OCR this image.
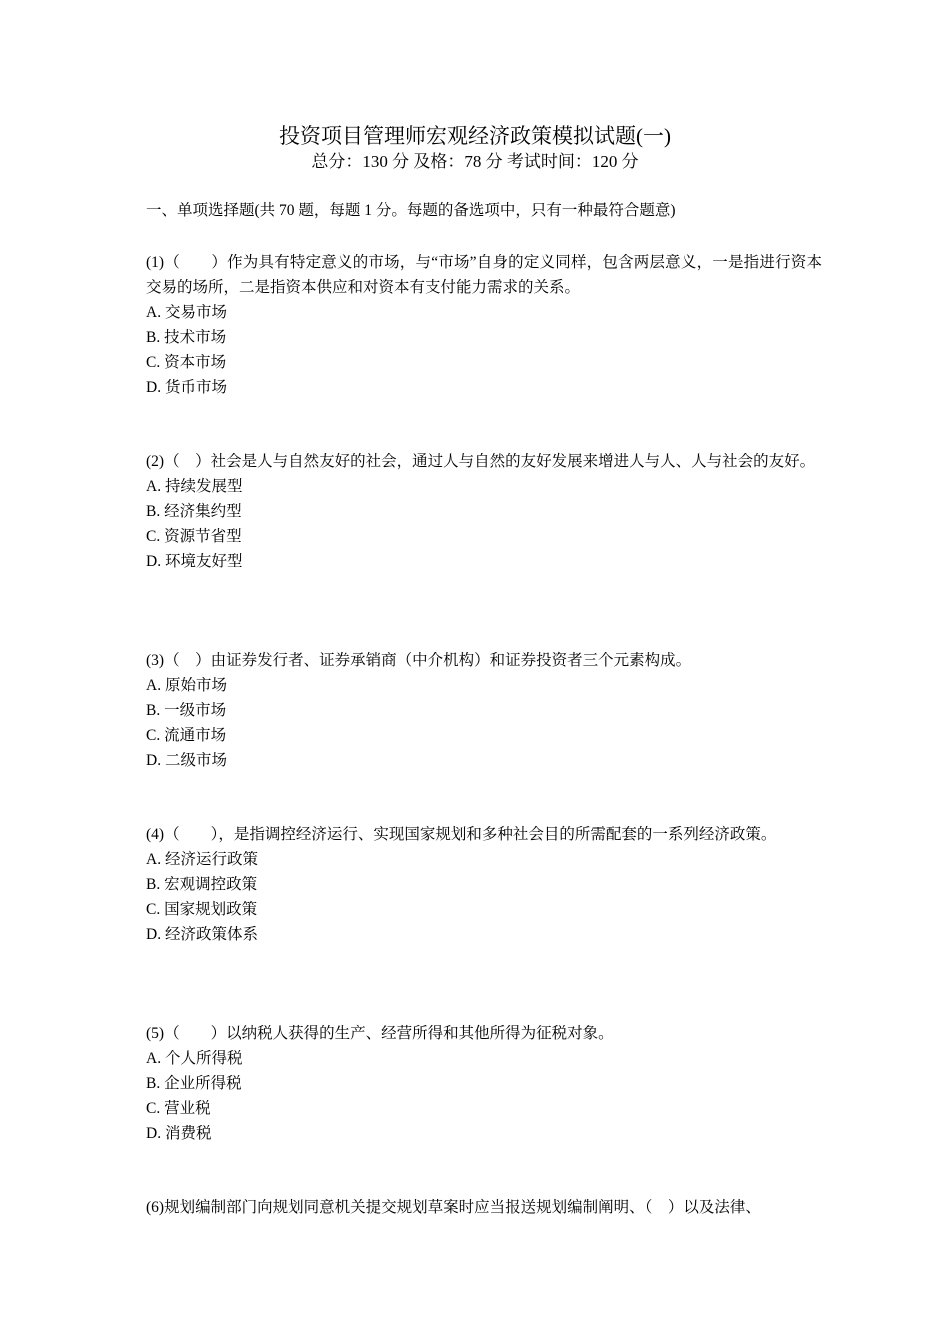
投资项目管理师宏观经济政策模拟试题(一)
总分：130 分 及格：78 分 考试时间：120 分
一、单项选择题(共 70 题，每题 1 分。每题的备选项中，只有一种最符合题意)

(1)（　　）作为具有特定意义的市场，与“市场”自身的定义同样，包含两层意义，一是指进行资本交易的场所，二是指资本供应和对资本有支付能力需求的关系。

A. 交易市场

B. 技术市场

C. 资本市场

D. 货币市场

(2)（　）社会是人与自然友好的社会，通过人与自然的友好发展来增进人与人、人与社会的友好。

A. 持续发展型

B. 经济集约型

C. 资源节省型

D. 环境友好型

(3)（　）由证券发行者、证券承销商（中介机构）和证券投资者三个元素构成。

A. 原始市场

B. 一级市场

C. 流通市场

D. 二级市场

(4)（　　），是指调控经济运行、实现国家规划和多种社会目的所需配套的一系列经济政策。

A. 经济运行政策

B. 宏观调控政策

C. 国家规划政策

D. 经济政策体系

(5)（　　）以纳税人获得的生产、经营所得和其他所得为征税对象。

A. 个人所得税

B. 企业所得税

C. 营业税

D. 消费税

(6)规划编制部门向规划同意机关提交规划草案时应当报送规划编制阐明、（　）以及法律、
